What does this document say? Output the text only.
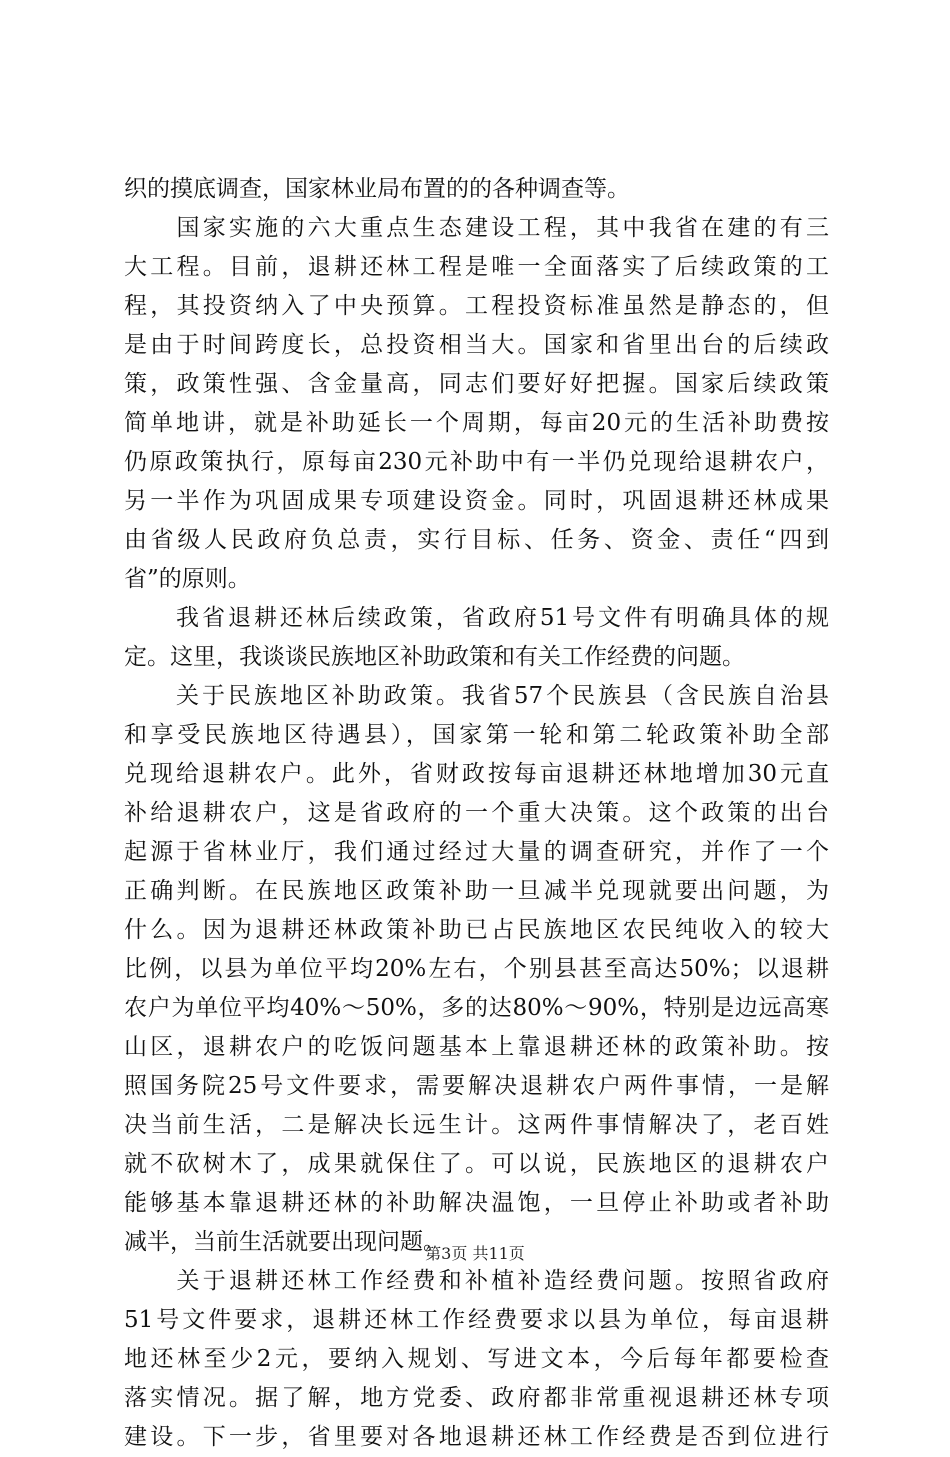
织的摸底调查，国家林业局布置的的各种调查等。
　　国家实施的六大重点生态建设工程，其中我省在建的有三
大工程。目前，退耕还林工程是唯一全面落实了后续政策的工
程，其投资纳入了中央预算。工程投资标准虽然是静态的，但
是由于时间跨度长，总投资相当大。国家和省里出台的后续政
策，政策性强、含金量高，同志们要好好把握。国家后续政策
简单地讲，就是补助延长一个周期，每亩20元的生活补助费按
仍原政策执行，原每亩230元补助中有一半仍兑现给退耕农户，
另一半作为巩固成果专项建设资金。同时，巩固退耕还林成果
由省级人民政府负总责，实行目标、任务、资金、责任“四到
省”的原则。
　　我省退耕还林后续政策，省政府51号文件有明确具体的规
定。这里，我谈谈民族地区补助政策和有关工作经费的问题。
　　关于民族地区补助政策。我省57个民族县（含民族自治县
和享受民族地区待遇县），国家第一轮和第二轮政策补助全部
兑现给退耕农户。此外，省财政按每亩退耕还林地增加30元直
补给退耕农户，这是省政府的一个重大决策。这个政策的出台
起源于省林业厅，我们通过经过大量的调查研究，并作了一个
正确判断。在民族地区政策补助一旦减半兑现就要出问题，为
什么。因为退耕还林政策补助已占民族地区农民纯收入的较大
比例，以县为单位平均20%左右，个别县甚至高达50%；以退耕
农户为单位平均40%～50%，多的达80%～90%，特别是边远高寒
山区，退耕农户的吃饭问题基本上靠退耕还林的政策补助。按
照国务院25号文件要求，需要解决退耕农户两件事情，一是解
决当前生活，二是解决长远生计。这两件事情解决了，老百姓
就不砍树木了，成果就保住了。可以说，民族地区的退耕农户
能够基本靠退耕还林的补助解决温饱，一旦停止补助或者补助
减半，当前生活就要出现问题。
　　关于退耕还林工作经费和补植补造经费问题。按照省政府
51号文件要求，退耕还林工作经费要求以县为单位，每亩退耕
地还林至少2元，要纳入规划、写进文本，今后每年都要检查
落实情况。据了解，地方党委、政府都非常重视退耕还林专项
建设。下一步，省里要对各地退耕还林工作经费是否到位进行
第3页 共11页
